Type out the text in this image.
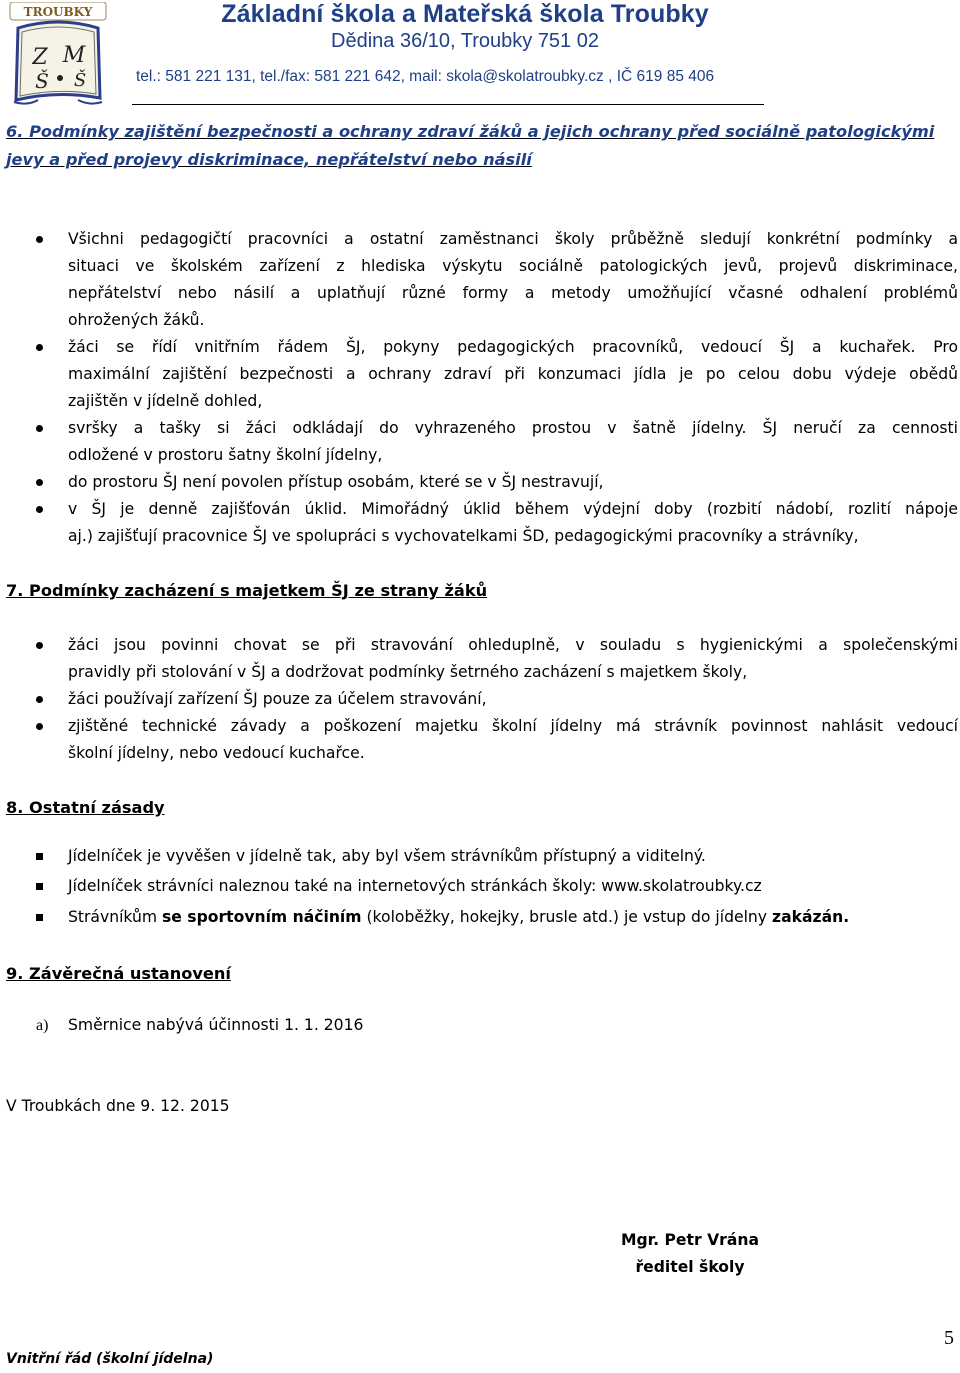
TROUBKY
Z M
Š Š
Základní škola a Mateřská škola Troubky
Dědina 36/10, Troubky 751 02
tel.: 581 221 131, tel./fax: 581 221 642, mail: skola@skolatroubky.cz , IČ 619 85 406
6. Podmínky zajištění bezpečnosti a ochrany zdraví žáků a jejich ochrany před sociálně patologickými
jevy a před projevy diskriminace, nepřátelství nebo násilí
Všichni pedagogičtí pracovníci a ostatní zaměstnanci školy průběžně sledují konkrétní podmínky a
situaci ve školském zařízení z hlediska výskytu sociálně patologických jevů, projevů diskriminace,
nepřátelství nebo násilí a uplatňují různé formy a metody umožňující včasné odhalení problémů
ohrožených žáků.
žáci se řídí vnitřním řádem ŠJ, pokyny pedagogických pracovníků, vedoucí ŠJ a kuchařek. Pro
maximální zajištění bezpečnosti a ochrany zdraví při konzumaci jídla je po celou dobu výdeje obědů
zajištěn v jídelně dohled,
svršky a tašky si žáci odkládají do vyhrazeného prostou v šatně jídelny. ŠJ neručí za cennosti
odložené v prostoru šatny školní jídelny,
do prostoru ŠJ není povolen přístup osobám, které se v ŠJ nestravují,
v ŠJ je denně zajišťován úklid. Mimořádný úklid během výdejní doby (rozbití nádobí, rozlití nápoje
aj.) zajišťují pracovnice ŠJ ve spolupráci s vychovatelkami ŠD, pedagogickými pracovníky a strávníky,
7. Podmínky zacházení s majetkem ŠJ ze strany žáků
žáci jsou povinni chovat se při stravování ohleduplně, v souladu s hygienickými a společenskými
pravidly při stolování v ŠJ a dodržovat podmínky šetrného zacházení s majetkem školy,
žáci používají zařízení ŠJ pouze za účelem stravování,
zjištěné technické závady a poškození majetku školní jídelny má strávník povinnost nahlásit vedoucí
školní jídelny, nebo vedoucí kuchařce.
8. Ostatní zásady
Jídelníček je vyvěšen v jídelně tak, aby byl všem strávníkům přístupný a viditelný.
Jídelníček strávníci naleznou také na internetových stránkách školy: www.skolatroubky.cz
Strávníkům se sportovním náčiním (koloběžky, hokejky, brusle atd.) je vstup do jídelny zakázán.
9. Závěrečná ustanovení
a) Směrnice nabývá účinnosti 1. 1. 2016
V Troubkách dne 9. 12. 2015
Mgr. Petr Vrána
ředitel školy
Vnitřní řád (školní jídelna)
5
